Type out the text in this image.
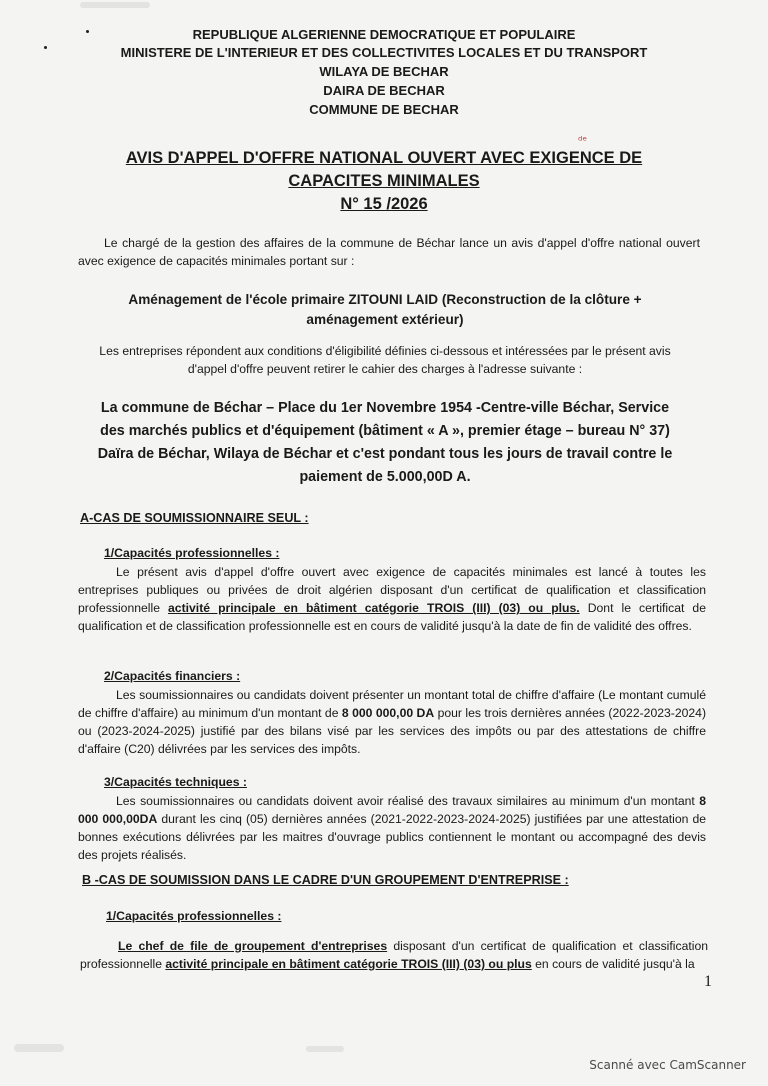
REPUBLIQUE ALGERIENNE DEMOCRATIQUE ET POPULAIRE
MINISTERE DE L'INTERIEUR ET DES COLLECTIVITES LOCALES ET DU TRANSPORT
WILAYA DE BECHAR
DAIRA DE BECHAR
COMMUNE DE BECHAR
AVIS D'APPEL D'OFFRE NATIONAL OUVERT AVEC EXIGENCE DE
ᵈᵉ
CAPACITES MINIMALES
N° 15 /2026
Le chargé de la gestion des affaires de la commune de Béchar lance un avis d'appel d'offre national ouvert avec exigence de capacités minimales portant sur :
Aménagement de l'école primaire ZITOUNI LAID (Reconstruction de la clôture + aménagement extérieur)
Les entreprises répondent aux conditions d'éligibilité définies ci-dessous et intéressées par le présent avis d'appel d'offre peuvent retirer le cahier des charges à l'adresse suivante :
La commune de Béchar – Place du 1er Novembre 1954 -Centre-ville Béchar, Service des marchés publics et d'équipement (bâtiment « A », premier étage – bureau N° 37) Daïra de Béchar, Wilaya de Béchar et c'est pondant tous les jours de travail contre le paiement de 5.000,00D A.
A-CAS DE SOUMISSIONNAIRE SEUL :
1/Capacités professionnelles :
Le présent avis d'appel d'offre ouvert avec exigence de capacités minimales est lancé à toutes les entreprises publiques ou privées de droit algérien disposant d'un certificat de qualification et classification professionnelle activité principale en bâtiment catégorie TROIS (III) (03) ou plus. Dont le certificat de qualification et de classification professionnelle est en cours de validité jusqu'à la date de fin de validité des offres.
2/Capacités financiers :
Les soumissionnaires ou candidats doivent présenter un montant total de chiffre d'affaire (Le montant cumulé de chiffre d'affaire) au minimum d'un montant de 8 000 000,00 DA pour les trois dernières années (2022-2023-2024) ou (2023-2024-2025) justifié par des bilans visé par les services des impôts ou par des attestations de chiffre d'affaire (C20) délivrées par les services des impôts.
3/Capacités techniques :
Les soumissionnaires ou candidats doivent avoir réalisé des travaux similaires au minimum d'un montant 8 000 000,00DA durant les cinq (05) dernières années (2021-2022-2023-2024-2025) justifiées par une attestation de bonnes exécutions délivrées par les maitres d'ouvrage publics contiennent le montant ou accompagné des devis des projets réalisés.
B -CAS DE SOUMISSION DANS LE CADRE D'UN GROUPEMENT D'ENTREPRISE :
1/Capacités professionnelles :
Le chef de file de groupement d'entreprises disposant d'un certificat de qualification et classification professionnelle activité principale en bâtiment catégorie TROIS (III) (03) ou plus en cours de validité jusqu'à la
1
Scanné avec CamScanner
